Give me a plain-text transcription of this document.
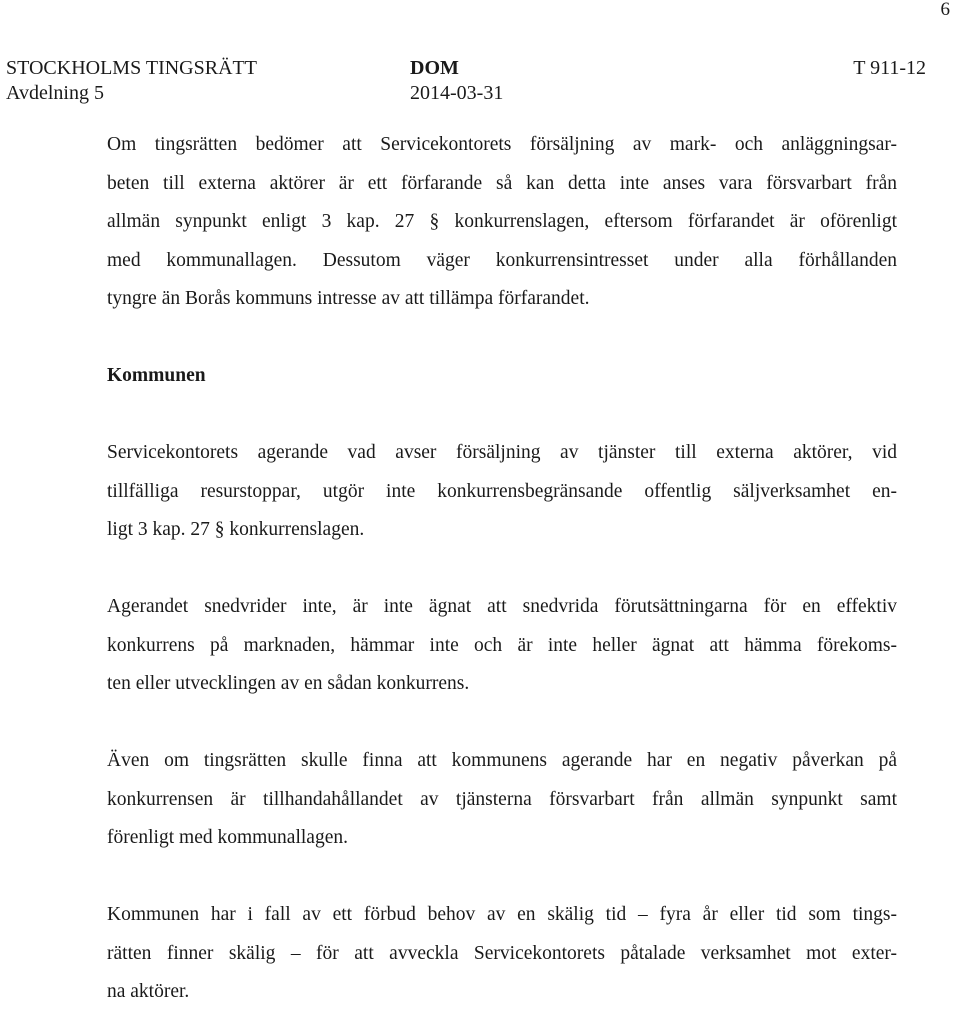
6
STOCKHOLMS TINGSRÄTT	DOM	T 911-12
Avdelning 5	2014-03-31

Om tingsrätten bedömer att Servicekontorets försäljning av mark- och anläggningsar-
beten till externa aktörer är ett förfarande så kan detta inte anses vara försvarbart från
allmän synpunkt enligt 3 kap. 27 § konkurrenslagen, eftersom förfarandet är oförenligt
med kommunallagen. Dessutom väger konkurrensintresset under alla förhållanden
tyngre än Borås kommuns intresse av att tillämpa förfarandet.

Kommunen

Servicekontorets agerande vad avser försäljning av tjänster till externa aktörer, vid
tillfälliga resurstoppar, utgör inte konkurrensbegränsande offentlig säljverksamhet en-
ligt 3 kap. 27 § konkurrenslagen.

Agerandet snedvrider inte, är inte ägnat att snedvrida förutsättningarna för en effektiv
konkurrens på marknaden, hämmar inte och är inte heller ägnat att hämma förekoms-
ten eller utvecklingen av en sådan konkurrens.

Även om tingsrätten skulle finna att kommunens agerande har en negativ påverkan på
konkurrensen är tillhandahållandet av tjänsterna försvarbart från allmän synpunkt samt
förenligt med kommunallagen.

Kommunen har i fall av ett förbud behov av en skälig tid – fyra år eller tid som tings-
rätten finner skälig – för att avveckla Servicekontorets påtalade verksamhet mot exter-
na aktörer.
